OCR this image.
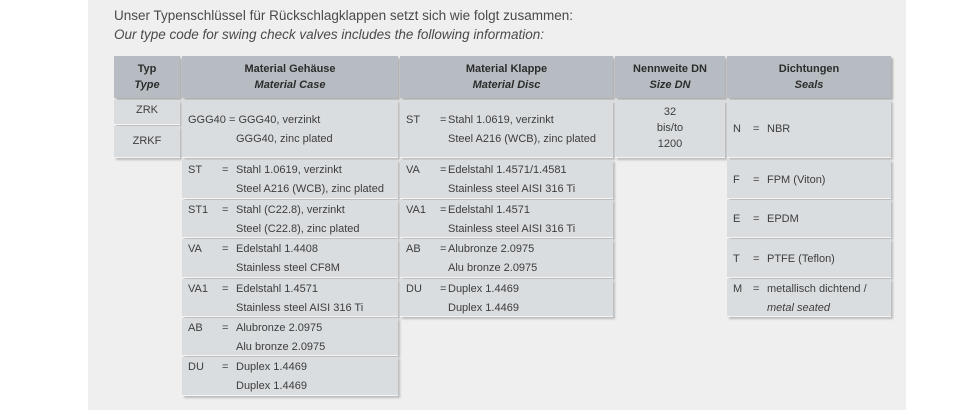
Unser Typenschlüssel für Rückschlagklappen setzt sich wie folgt zusammen:
Our type code for swing check valves includes the following information:
Typ
Type
Material Gehäuse
Material Case
Material Klappe
Material Disc
Nennweite DN
Size DN
Dichtungen
Seals
ZRK
ZRKF
GGG40 = GGG40, verzinkt
GGG40, zinc plated
ST = Stahl 1.0619, verzinkt
Steel A216 (WCB), zinc plated
ST1 = Stahl (C22.8), verzinkt
Steel (C22.8), zinc plated
VA = Edelstahl 1.4408
Stainless steel CF8M
VA1 = Edelstahl 1.4571
Stainless steel AISI 316 Ti
AB = Alubronze 2.0975
Alu bronze 2.0975
DU = Duplex 1.4469
Duplex 1.4469
ST = Stahl 1.0619, verzinkt
Steel A216 (WCB), zinc plated
VA = Edelstahl 1.4571/1.4581
Stainless steel AISI 316 Ti
VA1 = Edelstahl 1.4571
Stainless steel AISI 316 Ti
AB = Alubronze 2.0975
Alu bronze 2.0975
DU = Duplex 1.4469
Duplex 1.4469
32
bis/to
1200
N = NBR
F = FPM (Viton)
E = EPDM
T = PTFE (Teflon)
M = metallisch dichtend /
metal seated
